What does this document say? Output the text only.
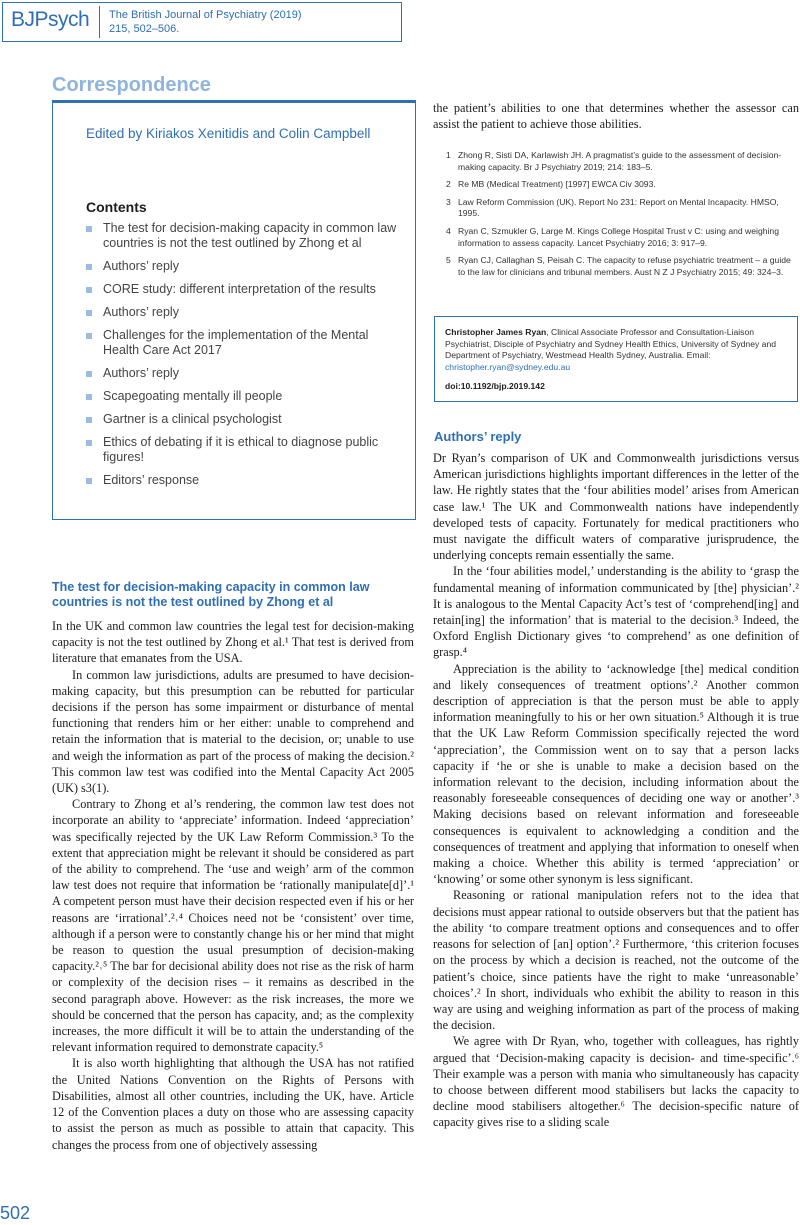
BJPsych The British Journal of Psychiatry (2019)
215, 502–506.
Correspondence
Edited by Kiriakos Xenitidis and Colin Campbell
Contents
The test for decision-making capacity in common law countries is not the test outlined by Zhong et al
Authors’ reply
CORE study: different interpretation of the results
Authors’ reply
Challenges for the implementation of the Mental Health Care Act 2017
Authors’ reply
Scapegoating mentally ill people
Gartner is a clinical psychologist
Ethics of debating if it is ethical to diagnose public figures!
Editors’ response
The test for decision-making capacity in common law countries is not the test outlined by Zhong et al

In the UK and common law countries the legal test for decision-making capacity is not the test outlined by Zhong et al.¹ That test is derived from literature that emanates from the USA.

In common law jurisdictions, adults are presumed to have decision-making capacity, but this presumption can be rebutted for particular decisions if the person has some impairment or disturbance of mental functioning that renders him or her either: unable to comprehend and retain the information that is material to the decision, or; unable to use and weigh the information as part of the process of making the decision.² This common law test was codified into the Mental Capacity Act 2005 (UK) s3(1).

Contrary to Zhong et al’s rendering, the common law test does not incorporate an ability to ‘appreciate’ information. Indeed ‘appreciation’ was specifically rejected by the UK Law Reform Commission.³ To the extent that appreciation might be relevant it should be considered as part of the ability to comprehend. The ‘use and weigh’ arm of the common law test does not require that information be ‘rationally manipulate[d]’.¹ A competent person must have their decision respected even if his or her reasons are ‘irrational’.²˒⁴ Choices need not be ‘consistent’ over time, although if a person were to constantly change his or her mind that might be reason to question the usual presumption of decision-making capacity.²˒⁵ The bar for decisional ability does not rise as the risk of harm or complexity of the decision rises – it remains as described in the second paragraph above. However: as the risk increases, the more we should be concerned that the person has capacity, and; as the complexity increases, the more difficult it will be to attain the understanding of the relevant information required to demonstrate capacity.⁵

It is also worth highlighting that although the USA has not ratified the United Nations Convention on the Rights of Persons with Disabilities, almost all other countries, including the UK, have. Article 12 of the Convention places a duty on those who are assessing capacity to assist the person as much as possible to attain that capacity. This changes the process from one of objectively assessing

the patient’s abilities to one that determines whether the assessor can assist the patient to achieve those abilities.

1 Zhong R, Sisti DA, Karlawish JH. A pragmatist’s guide to the assessment of decision-making capacity. Br J Psychiatry 2019; 214: 183–5.
2 Re MB (Medical Treatment) [1997] EWCA Civ 3093.
3 Law Reform Commission (UK). Report No 231: Report on Mental Incapacity. HMSO, 1995.
4 Ryan C, Szmukler G, Large M. Kings College Hospital Trust v C: using and weighing information to assess capacity. Lancet Psychiatry 2016; 3: 917–9.
5 Ryan CJ, Callaghan S, Peisah C. The capacity to refuse psychiatric treatment – a guide to the law for clinicians and tribunal members. Aust N Z J Psychiatry 2015; 49: 324–3.
Christopher James Ryan, Clinical Associate Professor and Consultation-Liaison Psychiatrist, Disciple of Psychiatry and Sydney Health Ethics, University of Sydney and Department of Psychiatry, Westmead Health Sydney, Australia. Email: christopher.ryan@sydney.edu.au
doi:10.1192/bjp.2019.142
Authors’ reply

Dr Ryan’s comparison of UK and Commonwealth jurisdictions versus American jurisdictions highlights important differences in the letter of the law. He rightly states that the ‘four abilities model’ arises from American case law.¹ The UK and Commonwealth nations have independently developed tests of capacity. Fortunately for medical practitioners who must navigate the difficult waters of comparative jurisprudence, the underlying concepts remain essentially the same.

In the ‘four abilities model,’ understanding is the ability to ‘grasp the fundamental meaning of information communicated by [the] physician’.² It is analogous to the Mental Capacity Act’s test of ‘comprehend[ing] and retain[ing] the information’ that is material to the decision.³ Indeed, the Oxford English Dictionary gives ‘to comprehend’ as one definition of grasp.⁴

Appreciation is the ability to ‘acknowledge [the] medical condition and likely consequences of treatment options’.² Another common description of appreciation is that the person must be able to apply information meaningfully to his or her own situation.⁵ Although it is true that the UK Law Reform Commission specifically rejected the word ‘appreciation’, the Commission went on to say that a person lacks capacity if ‘he or she is unable to make a decision based on the information relevant to the decision, including information about the reasonably foreseeable consequences of deciding one way or another’.³ Making decisions based on relevant information and foreseeable consequences is equivalent to acknowledging a condition and the consequences of treatment and applying that information to oneself when making a choice. Whether this ability is termed ‘appreciation’ or ‘knowing’ or some other synonym is less significant.

Reasoning or rational manipulation refers not to the idea that decisions must appear rational to outside observers but that the patient has the ability ‘to compare treatment options and consequences and to offer reasons for selection of [an] option’.² Furthermore, ‘this criterion focuses on the process by which a decision is reached, not the outcome of the patient’s choice, since patients have the right to make ‘unreasonable’ choices’.² In short, individuals who exhibit the ability to reason in this way are using and weighing information as part of the process of making the decision.

We agree with Dr Ryan, who, together with colleagues, has rightly argued that ‘Decision-making capacity is decision- and time-specific’.⁶ Their example was a person with mania who simultaneously has capacity to choose between different mood stabilisers but lacks the capacity to decline mood stabilisers altogether.⁶ The decision-specific nature of capacity gives rise to a sliding scale

502
